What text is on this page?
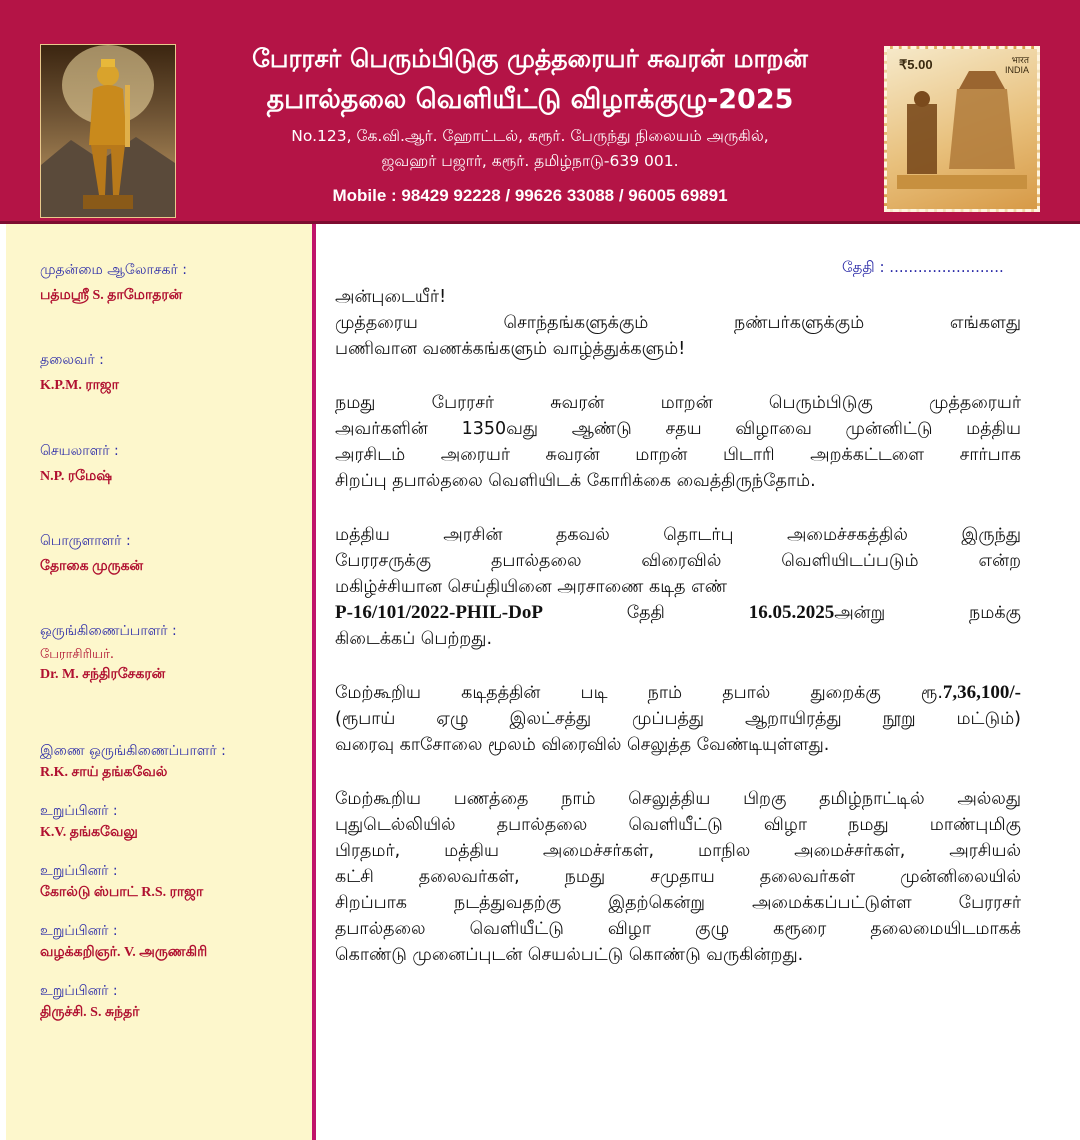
பேரரசர் பெரும்பிடுகு முத்தரையர் சுவரன் மாறன்
தபால்தலை வெளியீட்டு விழாக்குழு-2025
No.123, கே.வி.ஆர். ஹோட்டல், கரூர். பேருந்து நிலையம் அருகில்,
ஜவஹர் பஜார், கரூர். தமிழ்நாடு-639 001.
Mobile : 98429 92228 / 99626 33088 / 96005 69891
₹5.00	भारत
INDIA
முதன்மை ஆலோசகர் :
பத்மஸ்ரீ S. தாமோதரன்
தலைவர் :
K.P.M. ராஜா
செயலாளர் :
N.P. ரமேஷ்
பொருளாளர் :
தோகை முருகன்
ஒருங்கிணைப்பாளர் :
பேராசிரியர்.
Dr. M. சந்திரசேகரன்
இணை ஒருங்கிணைப்பாளர் :
R.K. சாய் தங்கவேல்
உறுப்பினர் :
K.V. தங்கவேலு
உறுப்பினர் :
கோல்டு ஸ்பாட் R.S. ராஜா
உறுப்பினர் :
வழக்கறிஞர். V. அருணகிரி
உறுப்பினர் :
திருச்சி. S. சுந்தர்
தேதி : ........................
அன்புடையீர்!
முத்தரைய சொந்தங்களுக்கும் நண்பர்களுக்கும் எங்களது
பணிவான வணக்கங்களும் வாழ்த்துக்களும்!
நமது பேரரசர் சுவரன் மாறன் பெரும்பிடுகு முத்தரையர்
அவர்களின் 1350வது ஆண்டு சதய விழாவை முன்னிட்டு மத்திய
அரசிடம் அரையர் சுவரன் மாறன் பிடாரி அறக்கட்டளை சார்பாக
சிறப்பு தபால்தலை வெளியிடக் கோரிக்கை வைத்திருந்தோம்.
மத்திய அரசின் தகவல் தொடர்பு அமைச்சகத்தில் இருந்து
பேரரசருக்கு தபால்தலை விரைவில் வெளியிடப்படும் என்ற
மகிழ்ச்சியான செய்தியினை அரசாணை கடித எண்
P-16/101/2022-PHIL-DoP	தேதி	16.05.2025அன்று நமக்கு
கிடைக்கப் பெற்றது.
மேற்கூறிய கடிதத்தின் படி நாம் தபால் துறைக்கு ரூ.7,36,100/-
(ரூபாய் ஏழு இலட்சத்து முப்பத்து ஆறாயிரத்து நூறு மட்டும்)
வரைவு காசோலை மூலம் விரைவில் செலுத்த வேண்டியுள்ளது.
மேற்கூறிய பணத்தை நாம் செலுத்திய பிறகு தமிழ்நாட்டில் அல்லது
புதுடெல்லியில் தபால்தலை வெளியீட்டு விழா நமது மாண்புமிகு
பிரதமர், மத்திய அமைச்சர்கள், மாநில அமைச்சர்கள், அரசியல்
கட்சி தலைவர்கள், நமது சமுதாய தலைவர்கள் முன்னிலையில்
சிறப்பாக நடத்துவதற்கு இதற்கென்று அமைக்கப்பட்டுள்ள பேரரசர்
தபால்தலை வெளியீட்டு விழா குழு கரூரை தலைமையிடமாகக்
கொண்டு முனைப்புடன் செயல்பட்டு கொண்டு வருகின்றது.
